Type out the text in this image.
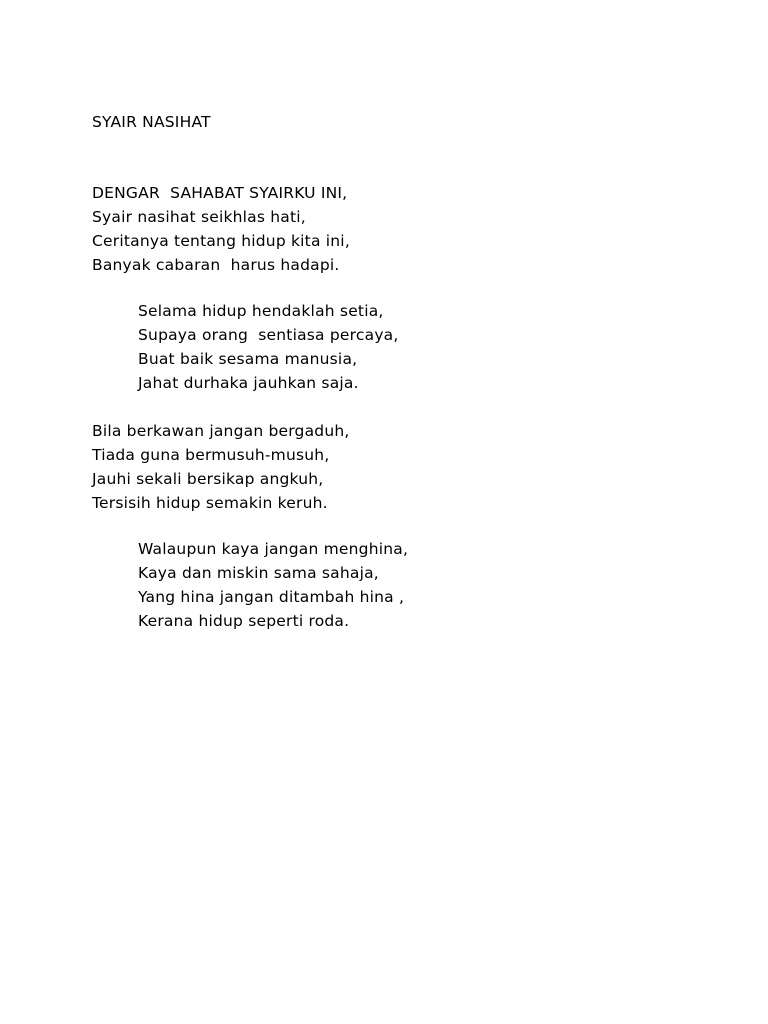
SYAIR NASIHAT
DENGAR  SAHABAT SYAIRKU INI,
Syair nasihat seikhlas hati,
Ceritanya tentang hidup kita ini,
Banyak cabaran  harus hadapi.
Selama hidup hendaklah setia,
Supaya orang  sentiasa percaya,
Buat baik sesama manusia,
Jahat durhaka jauhkan saja.
Bila berkawan jangan bergaduh,
Tiada guna bermusuh-musuh,
Jauhi sekali bersikap angkuh,
Tersisih hidup semakin keruh.
Walaupun kaya jangan menghina,
Kaya dan miskin sama sahaja,
Yang hina jangan ditambah hina ,
Kerana hidup seperti roda.
